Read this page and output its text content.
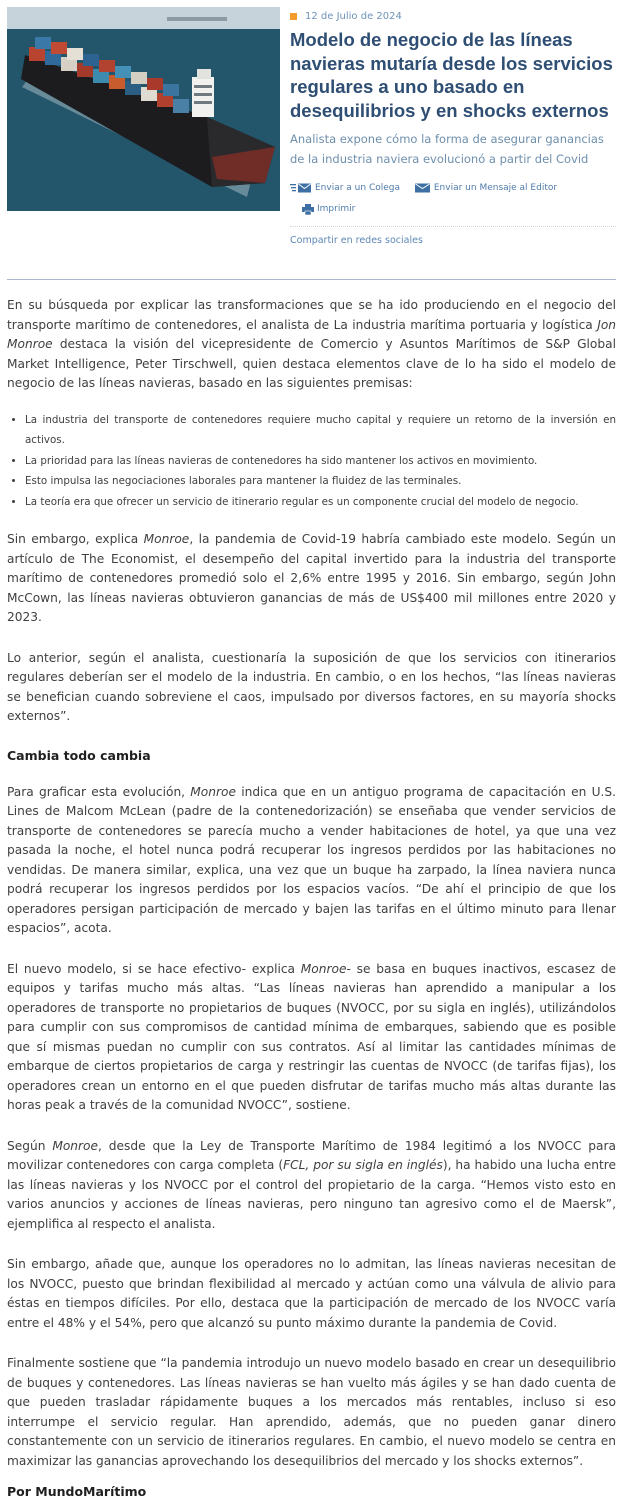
12 de Julio de 2024
Modelo de negocio de las líneas navieras mutaría desde los servicios regulares a uno basado en desequilibrios y en shocks externos
Analista expone cómo la forma de asegurar ganancias de la industria naviera evolucionó a partir del Covid
Enviar a un Colega
	Enviar un Mensaje al Editor
Imprimir
Compartir en redes sociales

En su búsqueda por explicar las transformaciones que se ha ido produciendo en el negocio del transporte marítimo de contenedores, el analista de La industria marítima portuaria y logística Jon Monroe destaca la visión del vicepresidente de Comercio y Asuntos Marítimos de S&P Global Market Intelligence, Peter Tirschwell, quien destaca elementos clave de lo ha sido el modelo de negocio de las líneas navieras, basado en las siguientes premisas:

• La industria del transporte de contenedores requiere mucho capital y requiere un retorno de la inversión en activos.
• La prioridad para las líneas navieras de contenedores ha sido mantener los activos en movimiento.
• Esto impulsa las negociaciones laborales para mantener la fluidez de las terminales.
• La teoría era que ofrecer un servicio de itinerario regular es un componente crucial del modelo de negocio.

Sin embargo, explica Monroe, la pandemia de Covid-19 habría cambiado este modelo. Según un artículo de The Economist, el desempeño del capital invertido para la industria del transporte marítimo de contenedores promedió solo el 2,6% entre 1995 y 2016. Sin embargo, según John McCown, las líneas navieras obtuvieron ganancias de más de US$400 mil millones entre 2020 y 2023.

Lo anterior, según el analista, cuestionaría la suposición de que los servicios con itinerarios regulares deberían ser el modelo de la industria. En cambio, o en los hechos, “las líneas navieras se benefician cuando sobreviene el caos, impulsado por diversos factores, en su mayoría shocks externos”.

Cambia todo cambia

Para graficar esta evolución, Monroe indica que en un antiguo programa de capacitación en U.S. Lines de Malcom McLean (padre de la contenedorización) se enseñaba que vender servicios de transporte de contenedores se parecía mucho a vender habitaciones de hotel, ya que una vez pasada la noche, el hotel nunca podrá recuperar los ingresos perdidos por las habitaciones no vendidas. De manera similar, explica, una vez que un buque ha zarpado, la línea naviera nunca podrá recuperar los ingresos perdidos por los espacios vacíos. “De ahí el principio de que los operadores persigan participación de mercado y bajen las tarifas en el último minuto para llenar espacios”, acota.

El nuevo modelo, si se hace efectivo- explica Monroe- se basa en buques inactivos, escasez de equipos y tarifas mucho más altas. “Las líneas navieras han aprendido a manipular a los operadores de transporte no propietarios de buques (NVOCC, por su sigla en inglés), utilizándolos para cumplir con sus compromisos de cantidad mínima de embarques, sabiendo que es posible que sí mismas puedan no cumplir con sus contratos. Así al limitar las cantidades mínimas de embarque de ciertos propietarios de carga y restringir las cuentas de NVOCC (de tarifas fijas), los operadores crean un entorno en el que pueden disfrutar de tarifas mucho más altas durante las horas peak a través de la comunidad NVOCC”, sostiene.

Según Monroe, desde que la Ley de Transporte Marítimo de 1984 legitimó a los NVOCC para movilizar contenedores con carga completa (FCL, por su sigla en inglés), ha habido una lucha entre las líneas navieras y los NVOCC por el control del propietario de la carga. “Hemos visto esto en varios anuncios y acciones de líneas navieras, pero ninguno tan agresivo como el de Maersk”, ejemplifica al respecto el analista.

Sin embargo, añade que, aunque los operadores no lo admitan, las líneas navieras necesitan de los NVOCC, puesto que brindan flexibilidad al mercado y actúan como una válvula de alivio para éstas en tiempos difíciles. Por ello, destaca que la participación de mercado de los NVOCC varía entre el 48% y el 54%, pero que alcanzó su punto máximo durante la pandemia de Covid.

Finalmente sostiene que “la pandemia introdujo un nuevo modelo basado en crear un desequilibrio de buques y contenedores. Las líneas navieras se han vuelto más ágiles y se han dado cuenta de que pueden trasladar rápidamente buques a los mercados más rentables, incluso si eso interrumpe el servicio regular. Han aprendido, además, que no pueden ganar dinero constantemente con un servicio de itinerarios regulares. En cambio, el nuevo modelo se centra en maximizar las ganancias aprovechando los desequilibrios del mercado y los shocks externos”.

Por MundoMarítimo
